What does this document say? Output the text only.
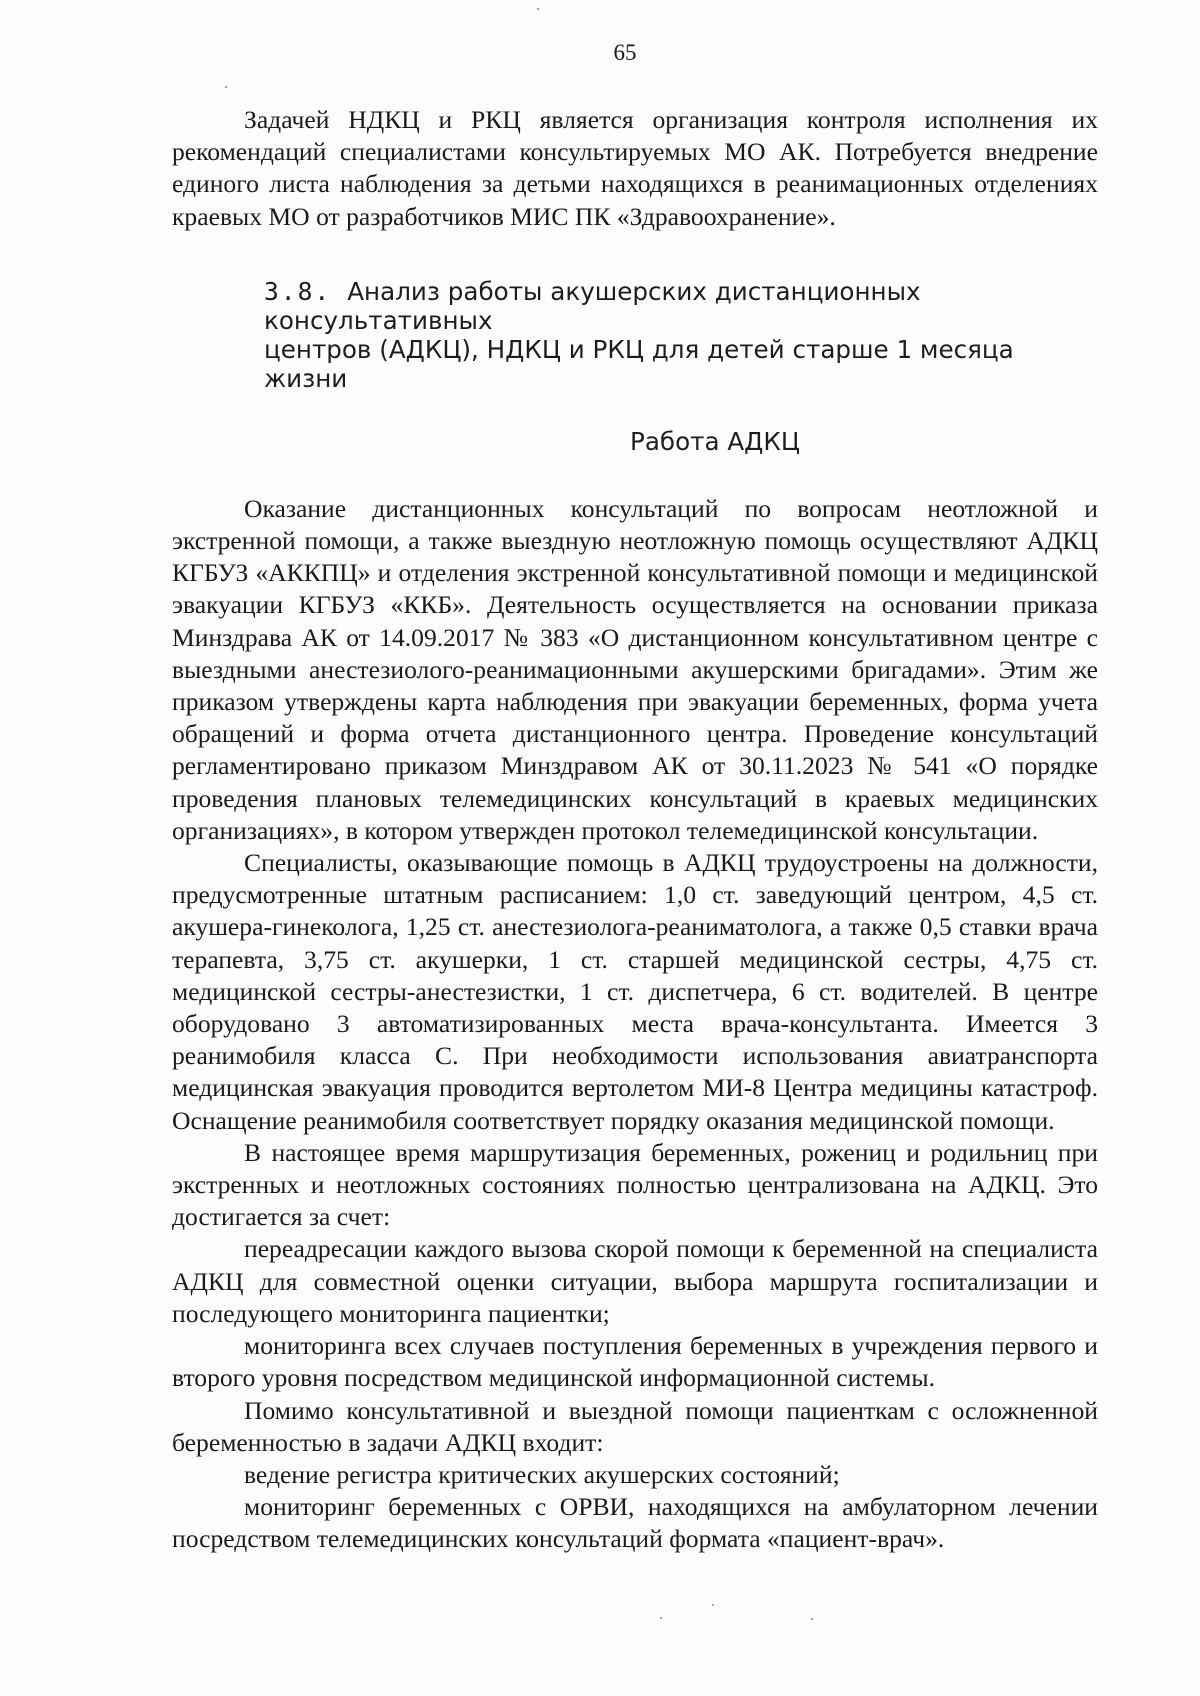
65

Задачей НДКЦ и РКЦ является организация контроля исполнения их рекомендаций специалистами консультируемых МО АК. Потребуется внедрение единого листа наблюдения за детьми находящихся в реанимационных отделениях краевых МО от разработчиков МИС ПК «Здравоохранение».

3.8. Анализ работы акушерских дистанционных консультативных
центров (АДКЦ), НДКЦ и РКЦ для детей старше 1 месяца жизни
Работа АДКЦ

Оказание дистанционных консультаций по вопросам неотложной и экстренной помощи, а также выездную неотложную помощь осуществляют АДКЦ КГБУЗ «АККПЦ» и отделения экстренной консультативной помощи и медицинской эвакуации КГБУЗ «ККБ». Деятельность осуществляется на основании приказа Минздрава АК от 14.09.2017 № 383 «О дистанционном консультативном центре с выездными анестезиолого-реанимационными акушерскими бригадами». Этим же приказом утверждены карта наблюдения при эвакуации беременных, форма учета обращений и форма отчета дистанционного центра. Проведение консультаций регламентировано приказом Минздравом АК от 30.11.2023 № 541 «О порядке проведения плановых телемедицинских консультаций в краевых медицинских организациях», в котором утвержден протокол телемедицинской консультации.

Специалисты, оказывающие помощь в АДКЦ трудоустроены на должности, предусмотренные штатным расписанием: 1,0 ст. заведующий центром, 4,5 ст. акушера-гинеколога, 1,25 ст. анестезиолога-реаниматолога, а также 0,5 ставки врача терапевта, 3,75 ст. акушерки, 1 ст. старшей медицинской сестры, 4,75 ст. медицинской сестры-анестезистки, 1 ст. диспетчера, 6 ст. водителей. В центре оборудовано 3 автоматизированных места врача-консультанта. Имеется 3 реанимобиля класса С. При необходимости использования авиатранспорта медицинская эвакуация проводится вертолетом МИ-8 Центра медицины катастроф. Оснащение реанимобиля соответствует порядку оказания медицинской помощи.

В настоящее время маршрутизация беременных, рожениц и родильниц при экстренных и неотложных состояниях полностью централизована на АДКЦ. Это достигается за счет:

переадресации каждого вызова скорой помощи к беременной на специалиста АДКЦ для совместной оценки ситуации, выбора маршрута госпитализации и последующего мониторинга пациентки;

мониторинга всех случаев поступления беременных в учреждения первого и второго уровня посредством медицинской информационной системы.

Помимо консультативной и выездной помощи пациенткам с осложненной беременностью в задачи АДКЦ входит:

ведение регистра критических акушерских состояний;

мониторинг беременных с ОРВИ, находящихся на амбулаторном лечении посредством телемедицинских консультаций формата «пациент-врач».
